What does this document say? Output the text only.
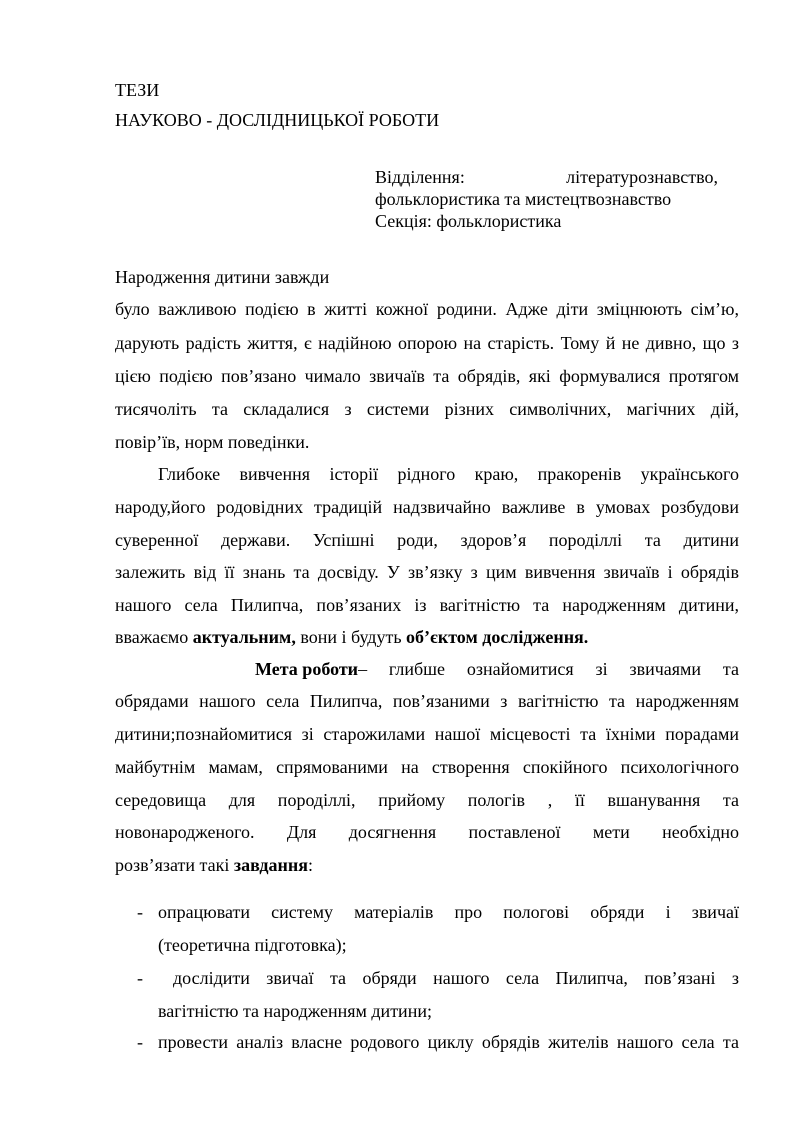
ТЕЗИ
НАУКОВО - ДОСЛІДНИЦЬКОЇ РОБОТИ
Відділення: літературознавство,
фольклористика та мистецтвознавство
Секція: фольклористика
Народження дитини завжди
було важливою подією в житті кожної родини. Адже діти зміцнюють сім’ю,
дарують радість життя, є надійною опорою на старість. Тому й не дивно, що з
цією подією пов’язано чимало звичаїв та обрядів, які формувалися протягом
тисячоліть та складалися з системи різних символічних, магічних дій,
повір’їв, норм поведінки.
Глибоке вивчення історії рідного краю, пракоренів українського
народу,його родовідних традицій надзвичайно важливе в умовах розбудови
суверенної держави. Успішні роди, здоров’я породіллі та дитини
залежить від її знань та досвіду. У зв’язку з цим вивчення звичаїв і обрядів
нашого села Пилипча, пов’язаних із вагітністю та народженням дитини,
вважаємо актуальним, вони і будуть об’єктом дослідження.
Мета роботи – глибше ознайомитися зі звичаями та
обрядами нашого села Пилипча, пов’язаними з вагітністю та народженням
дитини;познайомитися зі старожилами нашої місцевості та їхніми порадами
майбутнім мамам, спрямованими на створення спокійного психологічного
середовища для породіллі, прийому пологів , її вшанування та
новонародженого. Для досягнення поставленої мети необхідно
розв’язати такі завдання:
- опрацювати систему матеріалів про пологові обряди і звичаї
(теоретична підготовка);
- дослідити звичаї та обряди нашого села Пилипча, пов’язані з
вагітністю та народженням дитини;
- провести аналіз власне родового циклу обрядів жителів нашого села та
